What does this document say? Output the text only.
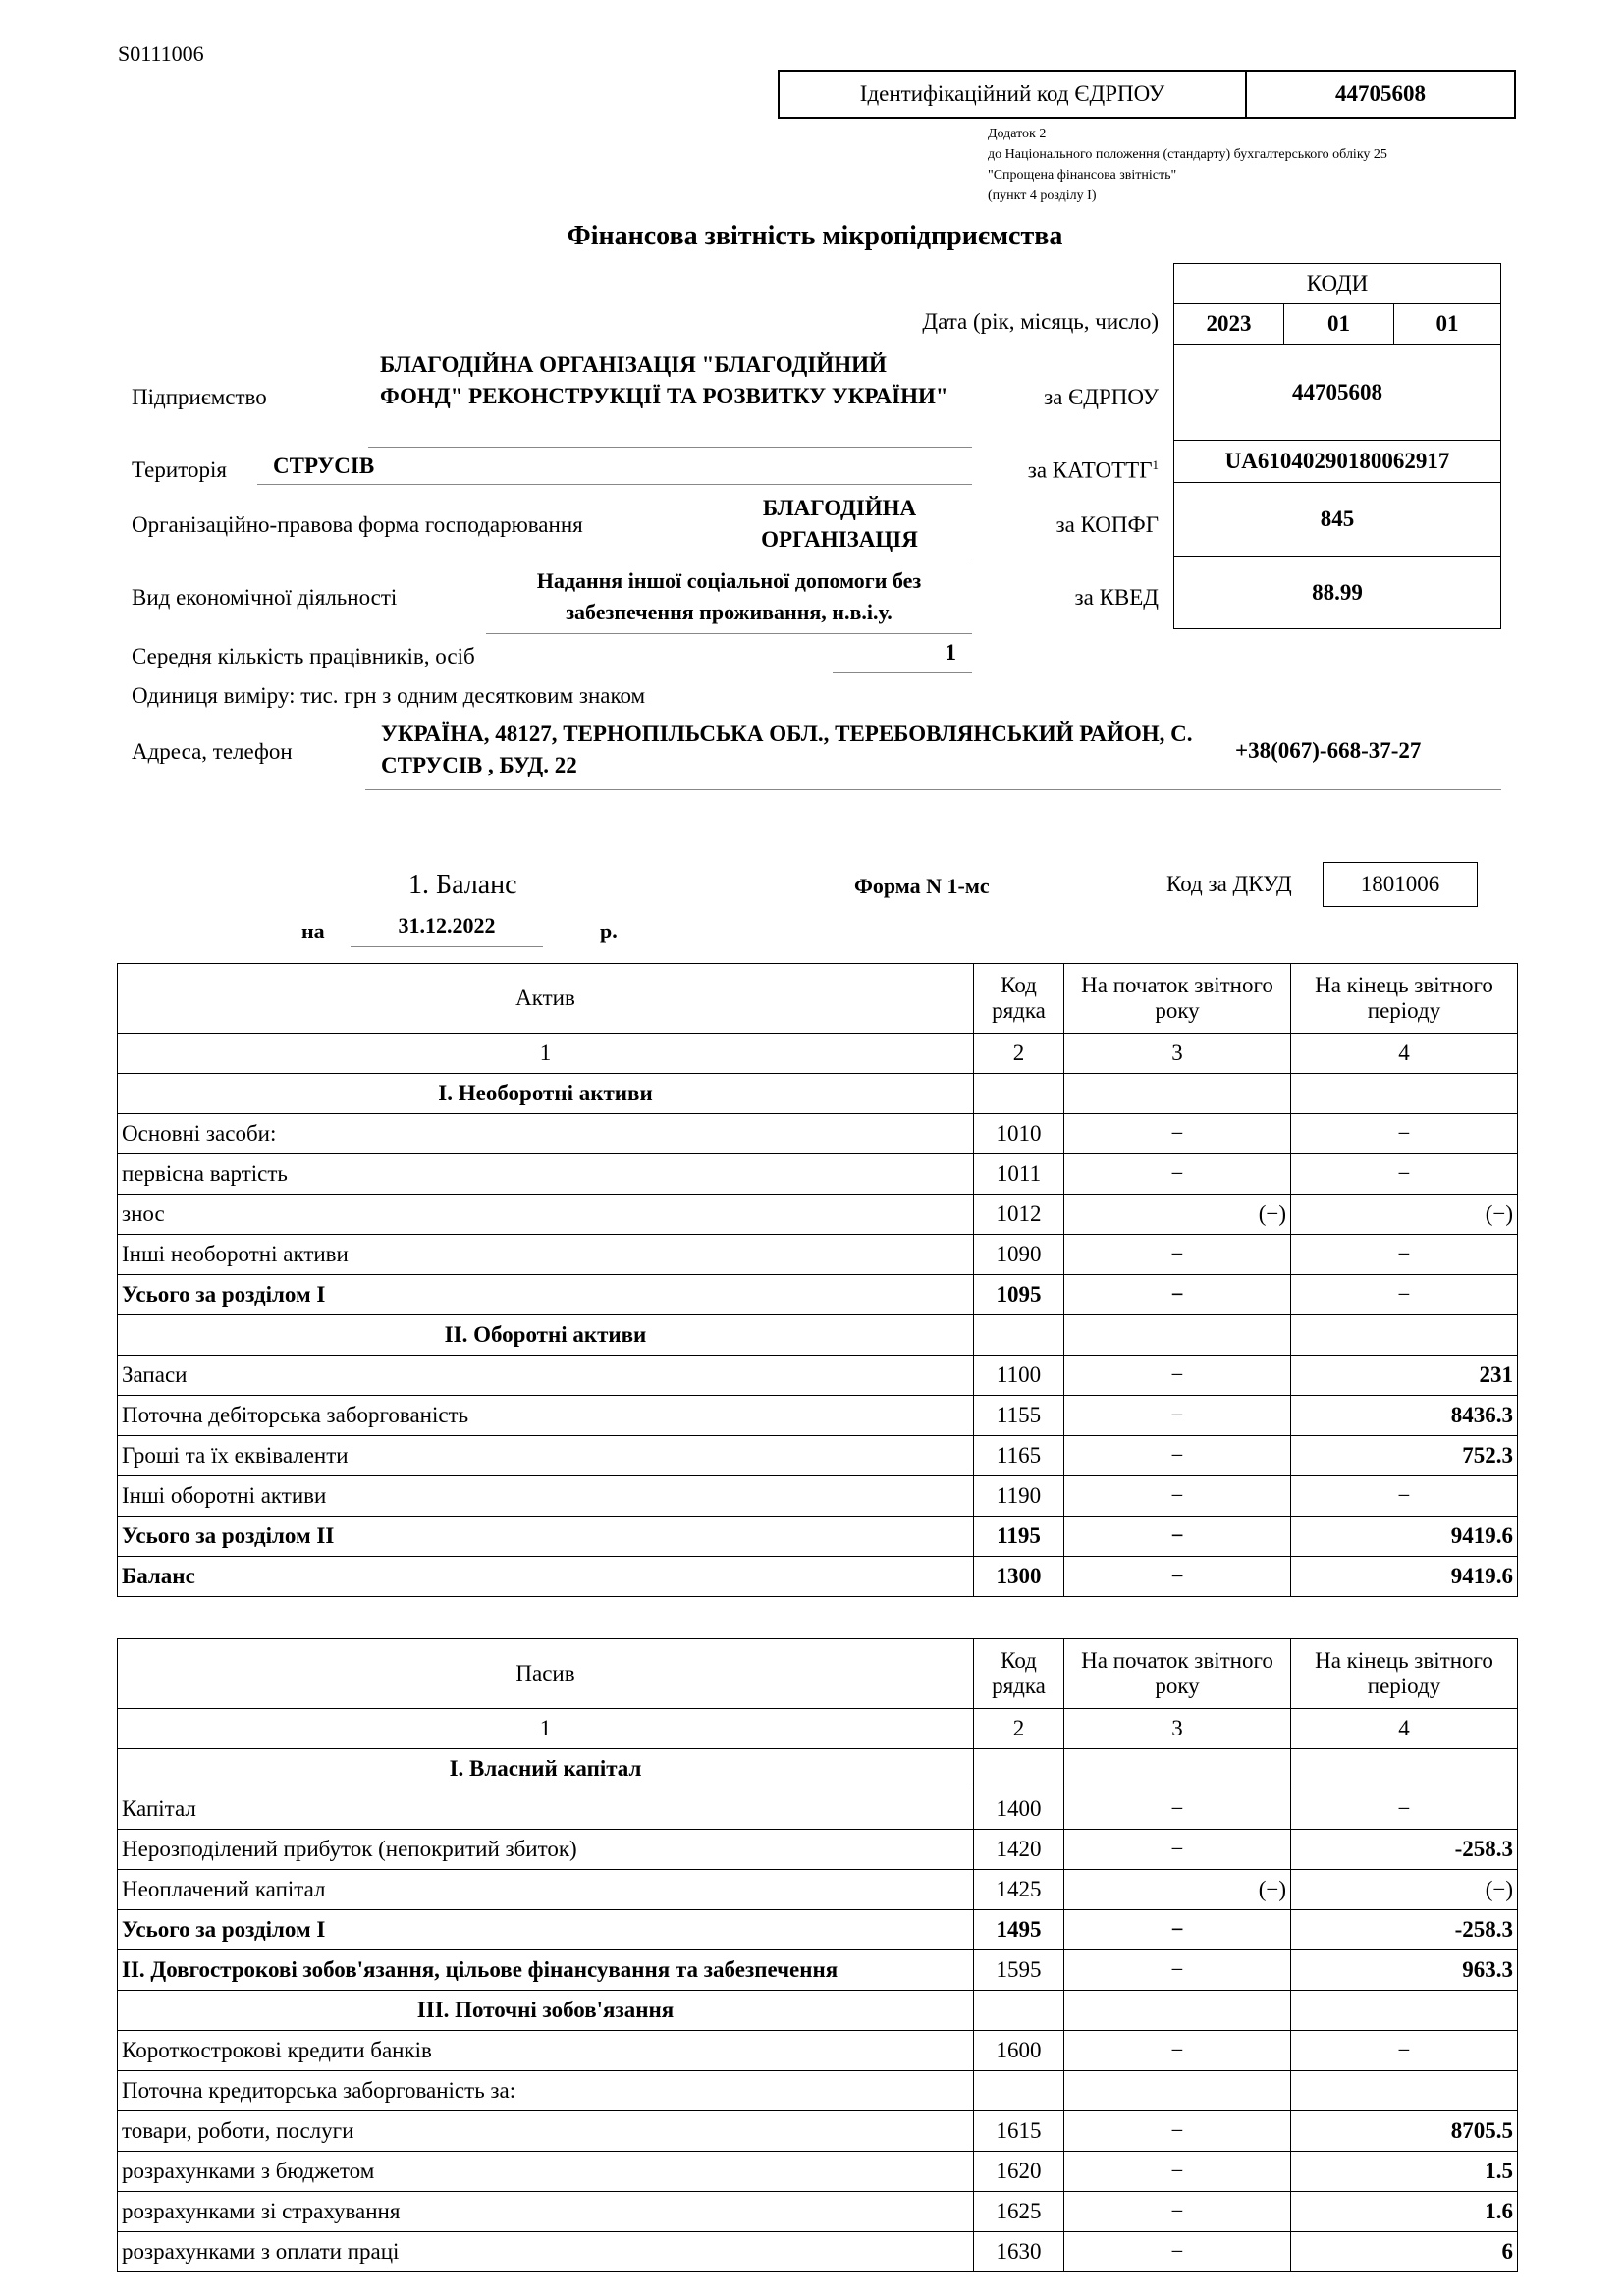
S0111006
Ідентифікаційний код ЄДРПОУ	44705608
Додаток 2
до Національного положення (стандарту) бухгалтерського обліку 25
"Спрощена фінансова звітність"
(пункт 4 розділу I)
Фінансова звітність мікропідприємства
КОДИ
2023	01	01
44705608
UA61040290180062917
845
88.99
Дата (рік, місяць, число)
за ЄДРПОУ
за КАТОТТГ$^1$
за КОПФГ
за КВЕД
Підприємство
БЛАГОДІЙНА ОРГАНІЗАЦІЯ "БЛАГОДІЙНИЙ ФОНД" РЕКОНСТРУКЦІЇ ТА РОЗВИТКУ УКРАЇНИ"
Територія	СТРУСІВ
Організаційно-правова форма господарювання
БЛАГОДІЙНА ОРГАНІЗАЦІЯ
Вид економічної діяльності
Надання іншої соціальної допомоги без забезпечення проживання, н.в.і.у.
Середня кількість працівників, осіб	1
Одиниця виміру: тис. грн з одним десятковим знаком
Адреса, телефон
УКРАЇНА, 48127, ТЕРНОПІЛЬСЬКА ОБЛ., ТЕРЕБОВЛЯНСЬКИЙ РАЙОН, С. СТРУСІВ , БУД. 22
+38(067)-668-37-27
1. Баланс	Форма N 1-мс	Код за ДКУД	1801006
на	31.12.2022	р.
Актив	Код рядка	На початок звітного року	На кінець звітного періоду
1	2	3	4
I. Необоротні активи			
Основні засоби:	1010	−	−
первісна вартість	1011	−	−
знос	1012	(−)	(−)
Інші необоротні активи	1090	−	−
Усього за розділом I	1095	−	−
II. Оборотні активи			
Запаси	1100	−	231
Поточна дебіторська заборгованість	1155	−	8436.3
Гроші та їх еквіваленти	1165	−	752.3
Інші оборотні активи	1190	−	−
Усього за розділом II	1195	−	9419.6
Баланс	1300	−	9419.6
Пасив	Код рядка	На початок звітного року	На кінець звітного періоду
1	2	3	4
I. Власний капітал			
Капітал	1400	−	−
Нерозподілений прибуток (непокритий збиток)	1420	−	-258.3
Неоплачений капітал	1425	(−)	(−)
Усього за розділом I	1495	−	-258.3
II. Довгострокові зобов'язання, цільове фінансування та забезпечення	1595	−	963.3
III. Поточні зобов'язання			
Короткострокові кредити банків	1600	−	−
Поточна кредиторська заборгованість за:			
товари, роботи, послуги	1615	−	8705.5
розрахунками з бюджетом	1620	−	1.5
розрахунками зі страхування	1625	−	1.6
розрахунками з оплати праці	1630	−	6
